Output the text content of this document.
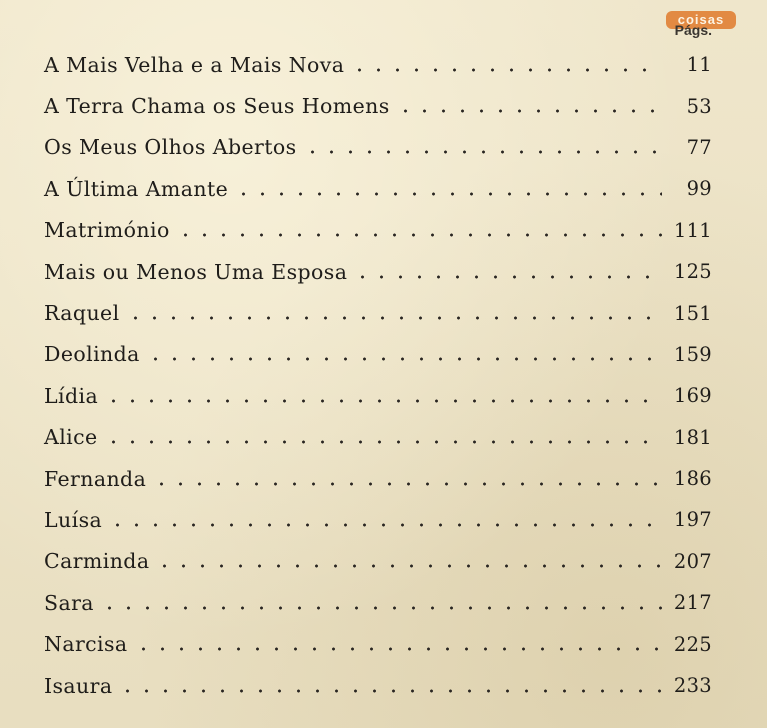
coisas
Págs.
A Mais Velha e a Mais Nova	11
A Terra Chama os Seus Homens	53
Os Meus Olhos Abertos	77
A Última Amante	99
Matrimónio	111
Mais ou Menos Uma Esposa	125
Raquel	151
Deolinda	159
Lídia	169
Alice	181
Fernanda	186
Luísa	197
Carminda	207
Sara	217
Narcisa	225
Isaura	233
